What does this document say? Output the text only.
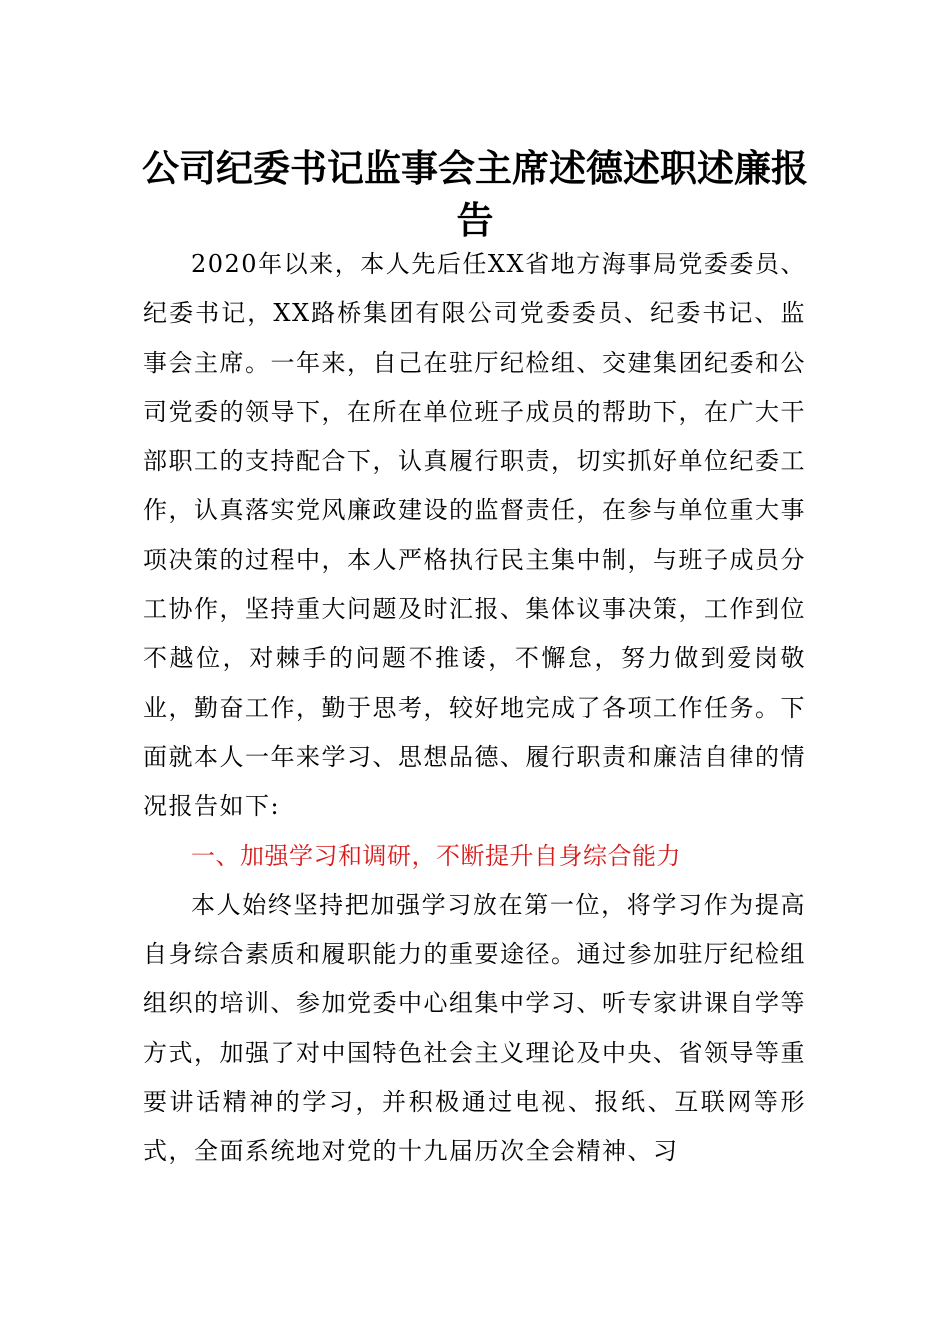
公司纪委书记监事会主席述德述职述廉报告

2020年以来，本人先后任XX省地方海事局党委委员、纪委书记，XX路桥集团有限公司党委委员、纪委书记、监事会主席。一年来，自己在驻厅纪检组、交建集团纪委和公司党委的领导下，在所在单位班子成员的帮助下，在广大干部职工的支持配合下，认真履行职责，切实抓好单位纪委工作，认真落实党风廉政建设的监督责任，在参与单位重大事项决策的过程中，本人严格执行民主集中制，与班子成员分工协作，坚持重大问题及时汇报、集体议事决策，工作到位不越位，对棘手的问题不推诿，不懈怠，努力做到爱岗敬业，勤奋工作，勤于思考，较好地完成了各项工作任务。下面就本人一年来学习、思想品德、履行职责和廉洁自律的情况报告如下:

一、加强学习和调研，不断提升自身综合能力

本人始终坚持把加强学习放在第一位，将学习作为提高自身综合素质和履职能力的重要途径。通过参加驻厅纪检组组织的培训、参加党委中心组集中学习、听专家讲课自学等方式，加强了对中国特色社会主义理论及中央、省领导等重要讲话精神的学习，并积极通过电视、报纸、互联网等形式，全面系统地对党的十九届历次全会精神、习
